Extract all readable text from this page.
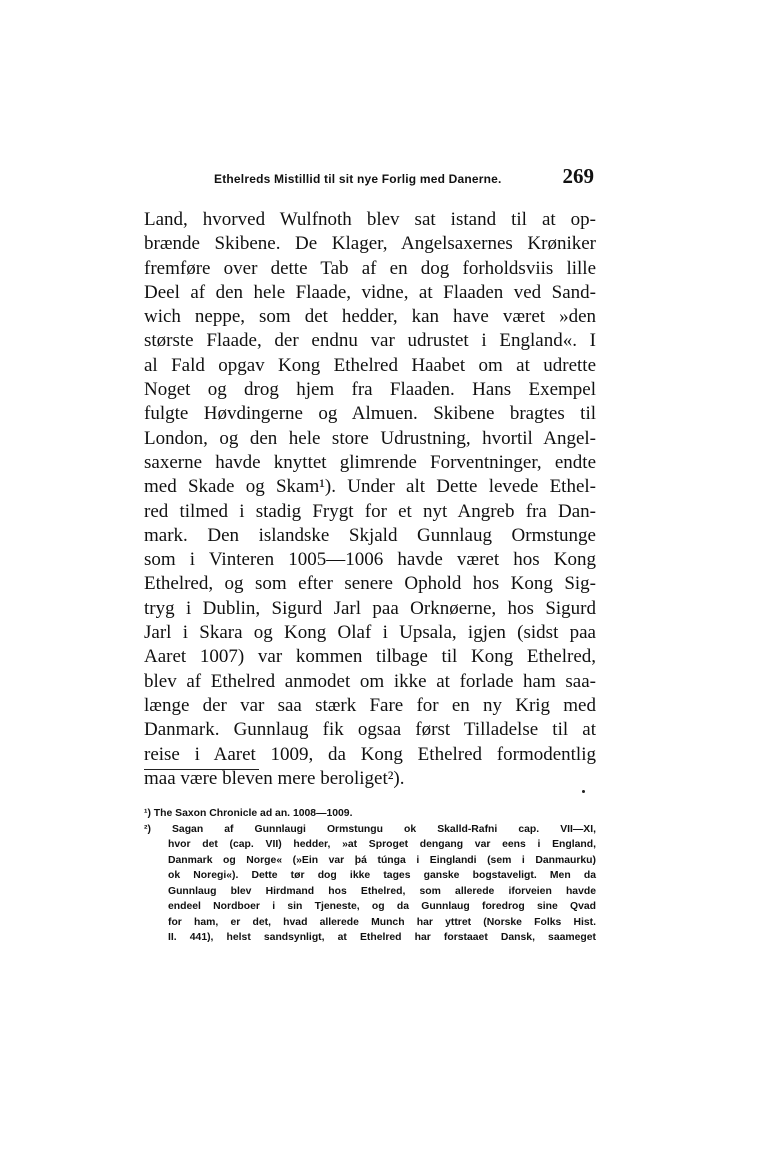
Ethelreds Mistillid til sit nye Forlig med Danerne.	269
Land, hvorved Wulfnoth blev sat istand til at op-
brænde Skibene. De Klager, Angelsaxernes Krøniker
fremføre over dette Tab af en dog forholdsviis lille
Deel af den hele Flaade, vidne, at Flaaden ved Sand-
wich neppe, som det hedder, kan have været »den
største Flaade, der endnu var udrustet i England«. I
al Fald opgav Kong Ethelred Haabet om at udrette
Noget og drog hjem fra Flaaden. Hans Exempel
fulgte Høvdingerne og Almuen. Skibene bragtes til
London, og den hele store Udrustning, hvortil Angel-
saxerne havde knyttet glimrende Forventninger, endte
med Skade og Skam¹). Under alt Dette levede Ethel-
red tilmed i stadig Frygt for et nyt Angreb fra Dan-
mark. Den islandske Skjald Gunnlaug Ormstunge
som i Vinteren 1005—1006 havde været hos Kong
Ethelred, og som efter senere Ophold hos Kong Sig-
tryg i Dublin, Sigurd Jarl paa Orknøerne, hos Sigurd
Jarl i Skara og Kong Olaf i Upsala, igjen (sidst paa
Aaret 1007) var kommen tilbage til Kong Ethelred,
blev af Ethelred anmodet om ikke at forlade ham saa-
længe der var saa stærk Fare for en ny Krig med
Danmark. Gunnlaug fik ogsaa først Tilladelse til at
reise i Aaret 1009, da Kong Ethelred formodentlig
maa være bleven mere beroliget²).
¹) The Saxon Chronicle ad an. 1008—1009.
²) Sagan af Gunnlaugi Ormstungu ok Skalld-Rafni cap. VII—XI,
hvor det (cap. VII) hedder, »at Sproget dengang var eens i England,
Danmark og Norge« (»Ein var þá túnga i Einglandi (sem i Danmaurku)
ok Noregi«). Dette tør dog ikke tages ganske bogstaveligt. Men da
Gunnlaug blev Hirdmand hos Ethelred, som allerede iforveien havde
endeel Nordboer i sin Tjeneste, og da Gunnlaug foredrog sine Qvad
for ham, er det, hvad allerede Munch har yttret (Norske Folks Hist.
II. 441), helst sandsynligt, at Ethelred har forstaaet Dansk, saameget
